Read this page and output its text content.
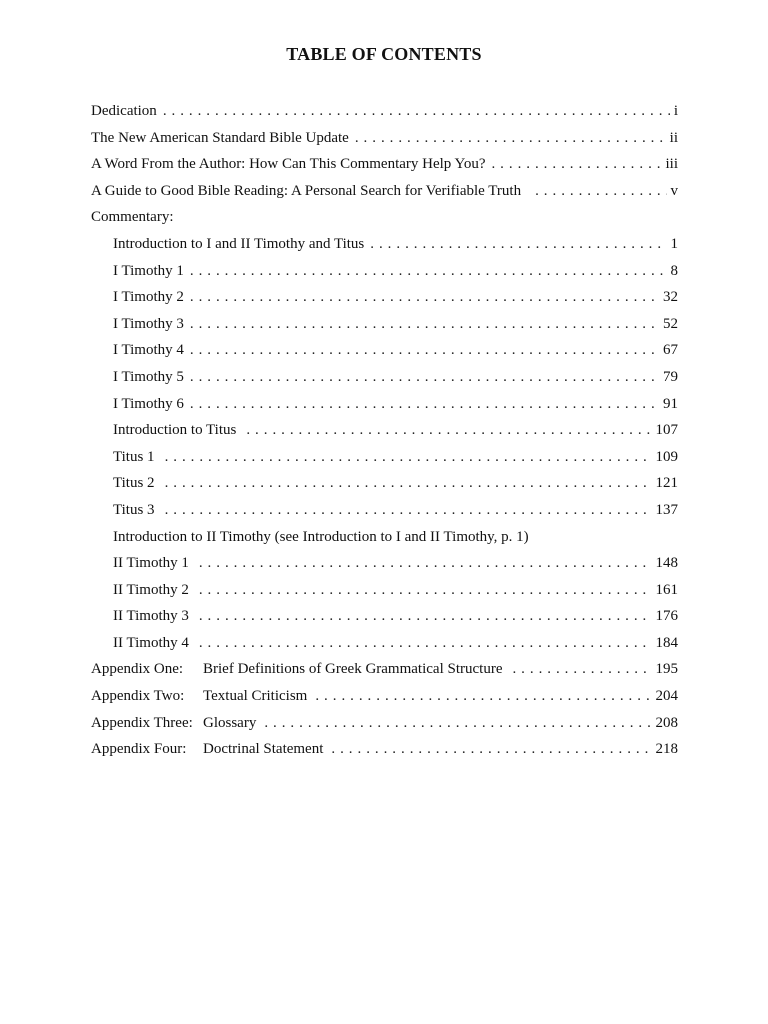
TABLE OF CONTENTS
Dedication . . .	i
The New American Standard Bible Update . . .	ii
A Word From the Author: How Can This Commentary Help You? . . .	iii
A Guide to Good Bible Reading: A Personal Search for Verifiable Truth . . .	v
Commentary:
Introduction to I and II Timothy and Titus . . .	1
I Timothy 1 . . .	8
I Timothy 2 . . .	32
I Timothy 3 . . .	52
I Timothy 4 . . .	67
I Timothy 5 . . .	79
I Timothy 6 . . .	91
Introduction to Titus . . .	107
Titus 1 . . .	109
Titus 2 . . .	121
Titus 3 . . .	137
Introduction to II Timothy (see Introduction to I and II Timothy, p. 1)
II Timothy 1 . . .	148
II Timothy 2 . . .	161
II Timothy 3 . . .	176
II Timothy 4 . . .	184
Appendix One:	Brief Definitions of Greek Grammatical Structure . . .	195
Appendix Two:	Textual Criticism . . .	204
Appendix Three: Glossary . . .	208
Appendix Four:	Doctrinal Statement . . .	218
